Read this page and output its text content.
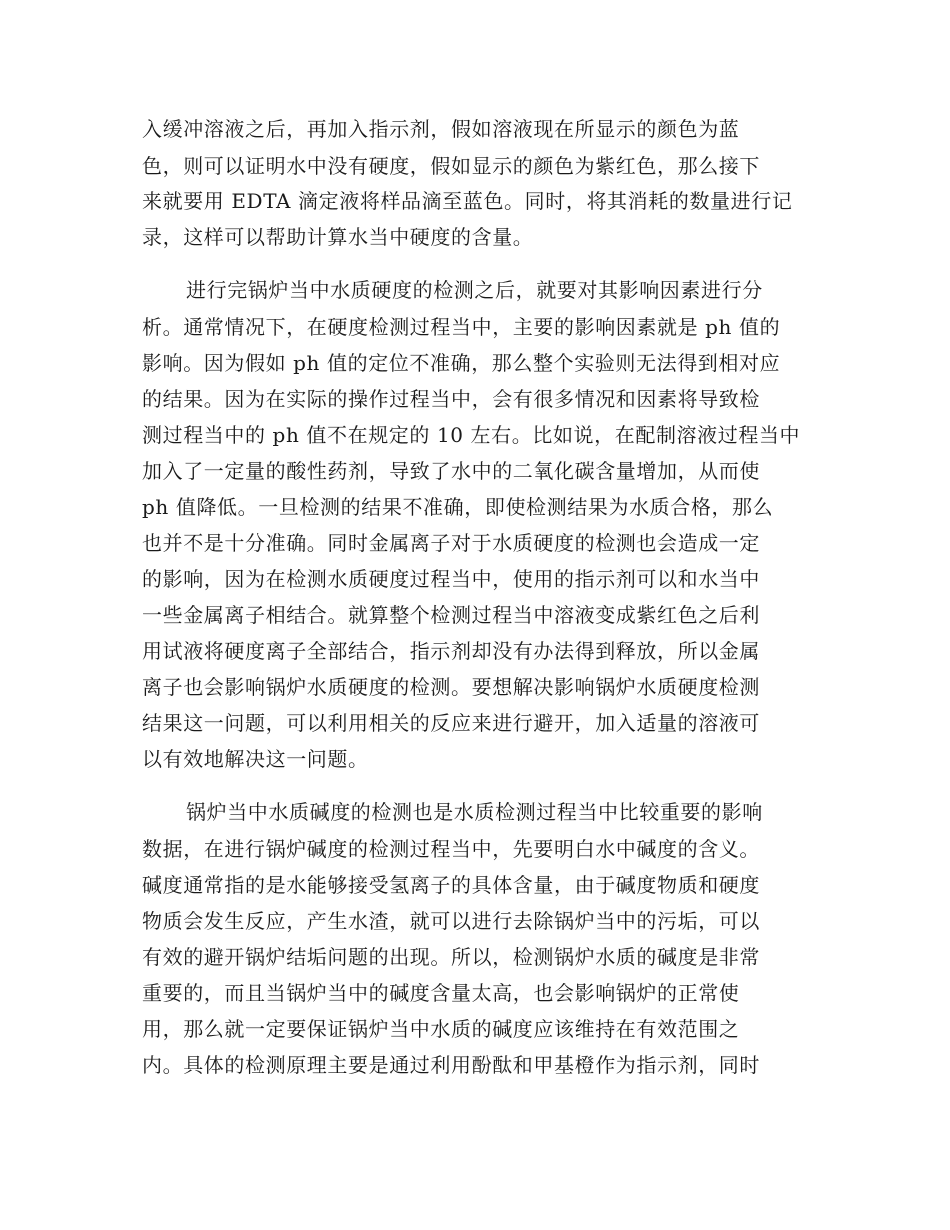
入缓冲溶液之后，再加入指示剂，假如溶液现在所显示的颜色为蓝
色，则可以证明水中没有硬度，假如显示的颜色为紫红色，那么接下
来就要用 EDTA 滴定液将样品滴至蓝色。同时，将其消耗的数量进行记
录，这样可以帮助计算水当中硬度的含量。
进行完锅炉当中水质硬度的检测之后，就要对其影响因素进行分
析。通常情况下，在硬度检测过程当中，主要的影响因素就是 ph 值的
影响。因为假如 ph 值的定位不准确，那么整个实验则无法得到相对应
的结果。因为在实际的操作过程当中，会有很多情况和因素将导致检
测过程当中的 ph 值不在规定的 10 左右。比如说，在配制溶液过程当中
加入了一定量的酸性药剂，导致了水中的二氧化碳含量增加，从而使
ph 值降低。一旦检测的结果不准确，即使检测结果为水质合格，那么
也并不是十分准确。同时金属离子对于水质硬度的检测也会造成一定
的影响，因为在检测水质硬度过程当中，使用的指示剂可以和水当中
一些金属离子相结合。就算整个检测过程当中溶液变成紫红色之后利
用试液将硬度离子全部结合，指示剂却没有办法得到释放，所以金属
离子也会影响锅炉水质硬度的检测。要想解决影响锅炉水质硬度检测
结果这一问题，可以利用相关的反应来进行避开，加入适量的溶液可
以有效地解决这一问题。
锅炉当中水质碱度的检测也是水质检测过程当中比较重要的影响
数据，在进行锅炉碱度的检测过程当中，先要明白水中碱度的含义。
碱度通常指的是水能够接受氢离子的具体含量，由于碱度物质和硬度
物质会发生反应，产生水渣，就可以进行去除锅炉当中的污垢，可以
有效的避开锅炉结垢问题的出现。所以，检测锅炉水质的碱度是非常
重要的，而且当锅炉当中的碱度含量太高，也会影响锅炉的正常使
用，那么就一定要保证锅炉当中水质的碱度应该维持在有效范围之
内。具体的检测原理主要是通过利用酚酞和甲基橙作为指示剂，同时
